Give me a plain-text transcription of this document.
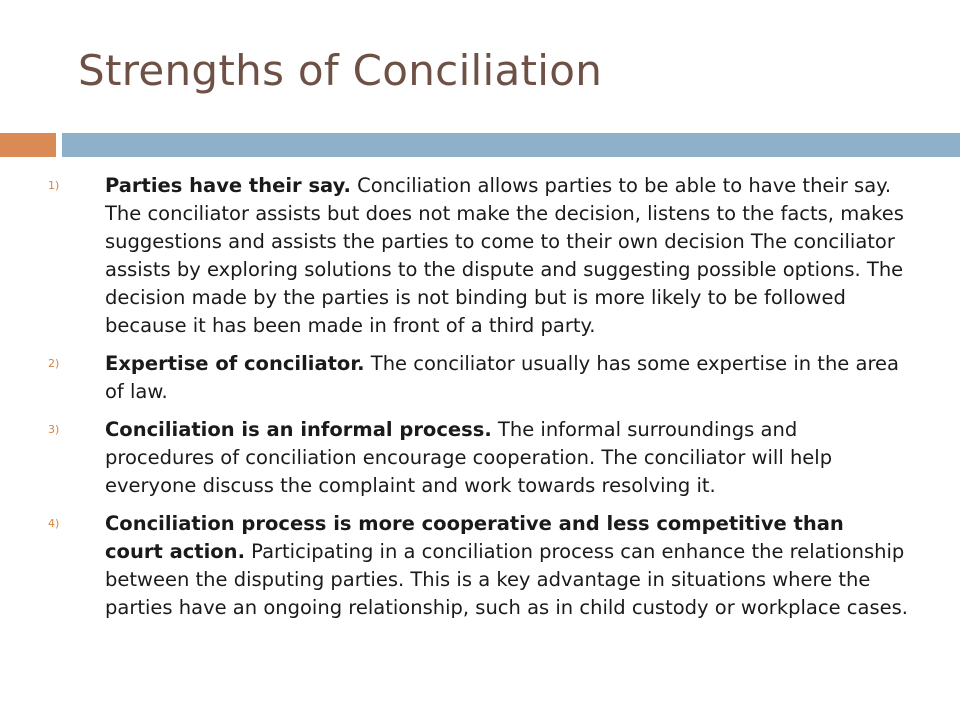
Strengths of Conciliation
1) Parties have their say. Conciliation allows parties to be able to have their say. The conciliator assists but does not make the decision, listens to the facts, makes suggestions and assists the parties to come to their own decision The conciliator assists by exploring solutions to the dispute and suggesting possible options. The decision made by the parties is not binding but is more likely to be followed because it has been made in front of a third party.
2) Expertise of conciliator. The conciliator usually has some expertise in the area of law.
3) Conciliation is an informal process. The informal surroundings and procedures of conciliation encourage cooperation. The conciliator will help everyone discuss the complaint and work towards resolving it.
4) Conciliation process is more cooperative and less competitive than court action. Participating in a conciliation process can enhance the relationship between the disputing parties. This is a key advantage in situations where the parties have an ongoing relationship, such as in child custody or workplace cases.
